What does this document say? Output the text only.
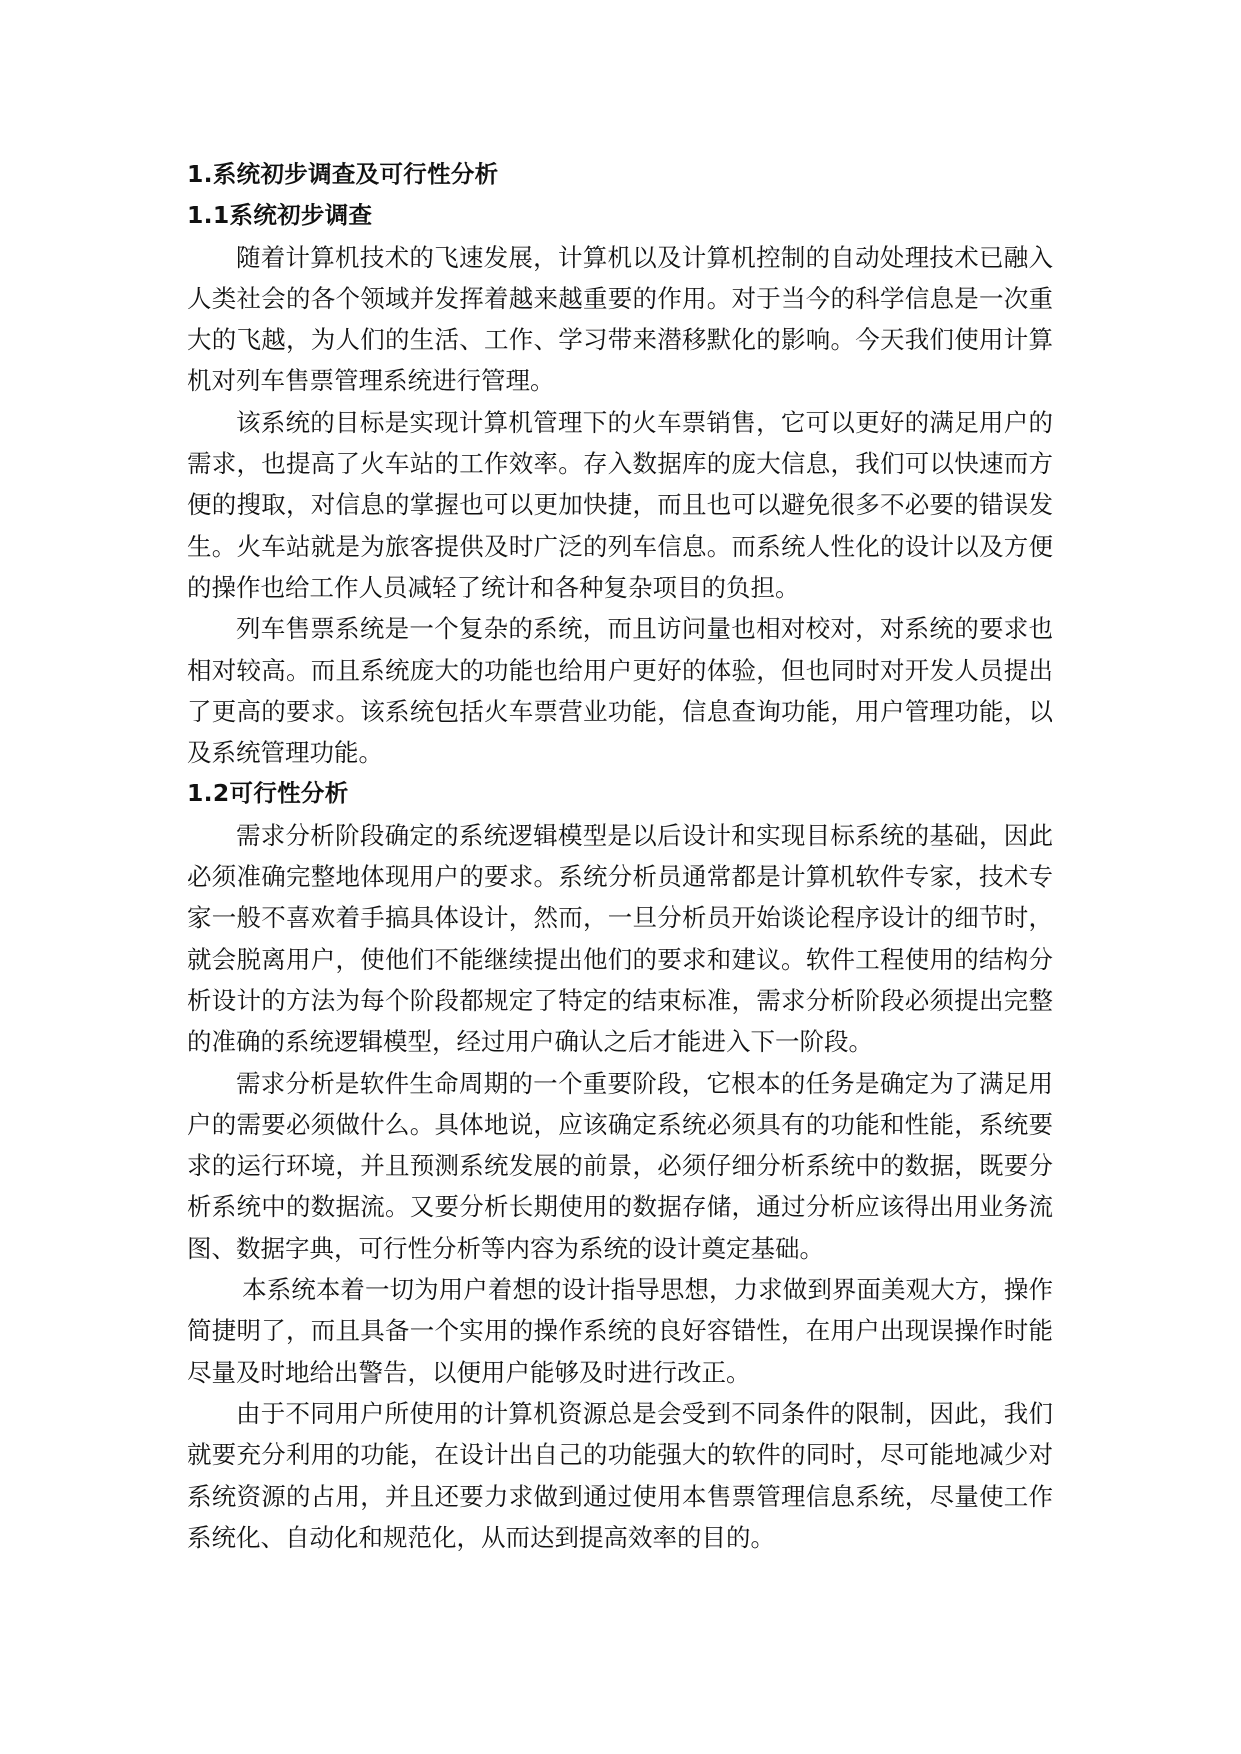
1.系统初步调查及可行性分析
1.1系统初步调查

随着计算机技术的飞速发展，计算机以及计算机控制的自动处理技术已融入人类社会的各个领域并发挥着越来越重要的作用。对于当今的科学信息是一次重大的飞越，为人们的生活、工作、学习带来潜移默化的影响。今天我们使用计算机对列车售票管理系统进行管理。

该系统的目标是实现计算机管理下的火车票销售，它可以更好的满足用户的需求，也提高了火车站的工作效率。存入数据库的庞大信息，我们可以快速而方便的搜取，对信息的掌握也可以更加快捷，而且也可以避免很多不必要的错误发生。火车站就是为旅客提供及时广泛的列车信息。而系统人性化的设计以及方便的操作也给工作人员减轻了统计和各种复杂项目的负担。

列车售票系统是一个复杂的系统，而且访问量也相对校对，对系统的要求也相对较高。而且系统庞大的功能也给用户更好的体验，但也同时对开发人员提出了更高的要求。该系统包括火车票营业功能，信息查询功能，用户管理功能，以及系统管理功能。

1.2可行性分析

需求分析阶段确定的系统逻辑模型是以后设计和实现目标系统的基础，因此必须准确完整地体现用户的要求。系统分析员通常都是计算机软件专家，技术专家一般不喜欢着手搞具体设计，然而，一旦分析员开始谈论程序设计的细节时，就会脱离用户，使他们不能继续提出他们的要求和建议。软件工程使用的结构分析设计的方法为每个阶段都规定了特定的结束标准，需求分析阶段必须提出完整的准确的系统逻辑模型，经过用户确认之后才能进入下一阶段。

需求分析是软件生命周期的一个重要阶段，它根本的任务是确定为了满足用户的需要必须做什么。具体地说，应该确定系统必须具有的功能和性能，系统要求的运行环境，并且预测系统发展的前景，必须仔细分析系统中的数据，既要分析系统中的数据流。又要分析长期使用的数据存储，通过分析应该得出用业务流图、数据字典，可行性分析等内容为系统的设计奠定基础。

本系统本着一切为用户着想的设计指导思想，力求做到界面美观大方，操作简捷明了，而且具备一个实用的操作系统的良好容错性，在用户出现误操作时能尽量及时地给出警告，以便用户能够及时进行改正。

由于不同用户所使用的计算机资源总是会受到不同条件的限制，因此，我们就要充分利用的功能，在设计出自己的功能强大的软件的同时，尽可能地减少对系统资源的占用，并且还要力求做到通过使用本售票管理信息系统，尽量使工作系统化、自动化和规范化，从而达到提高效率的目的。
